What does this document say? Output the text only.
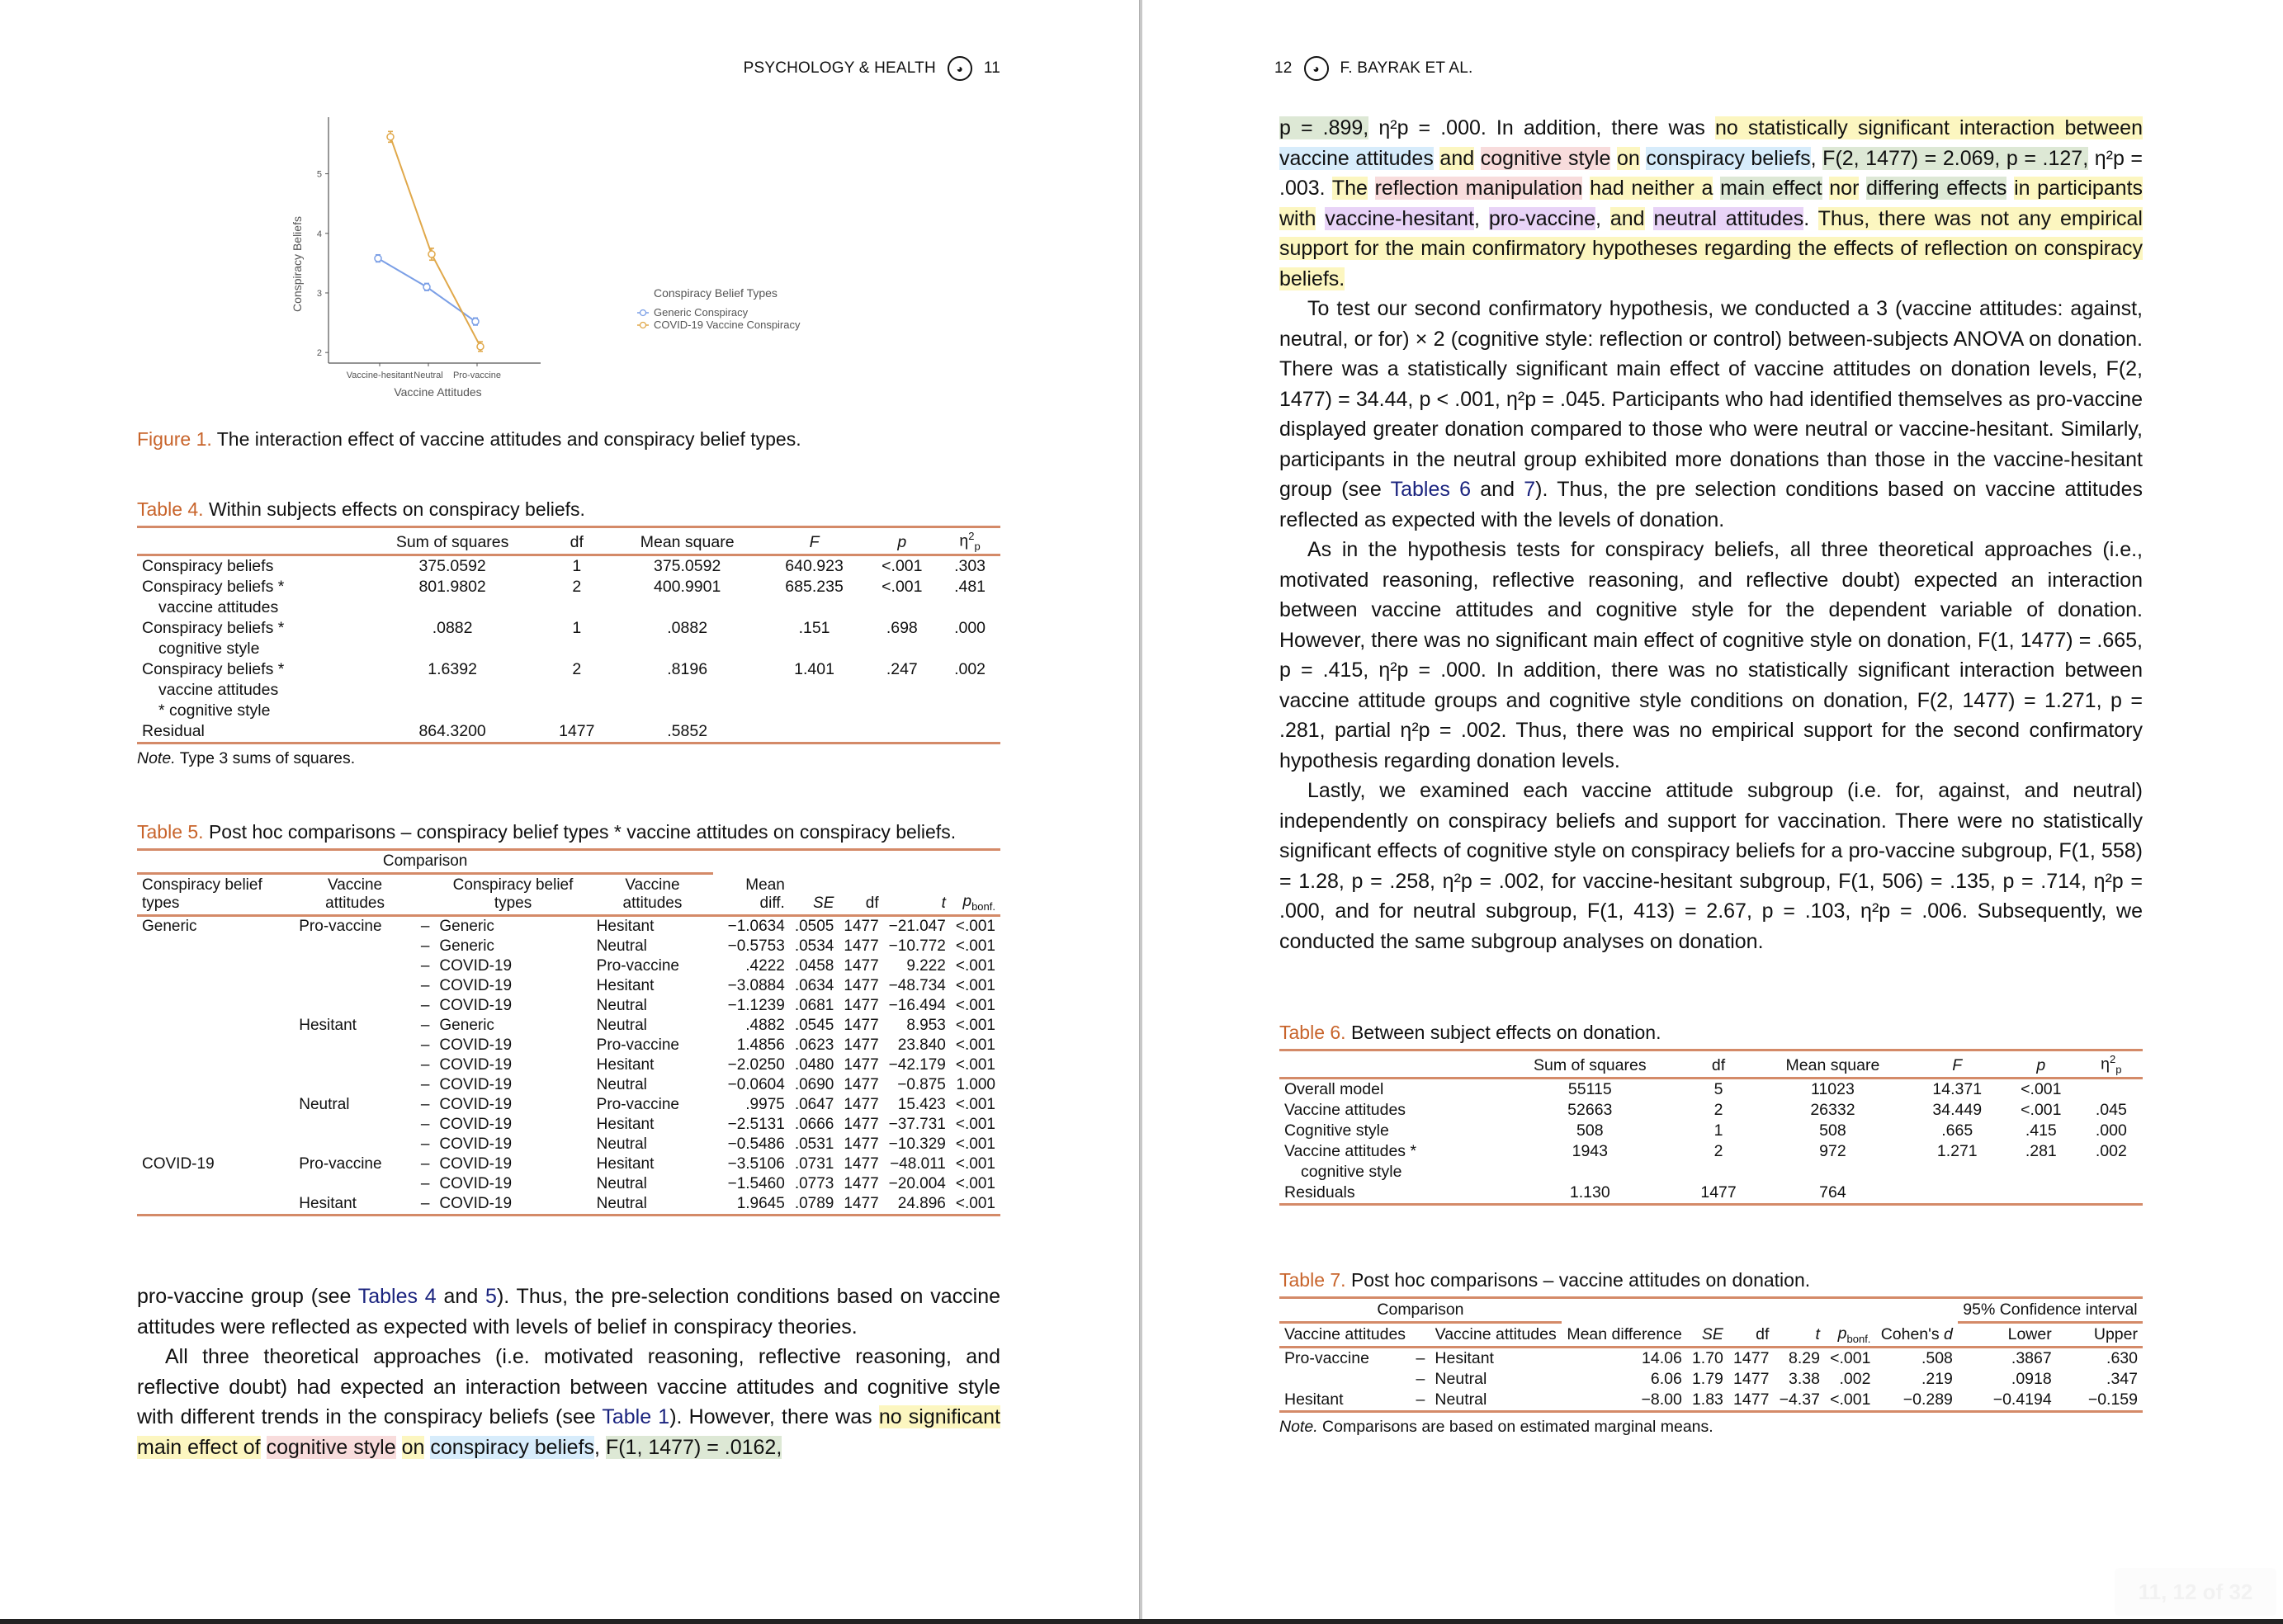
PSYCHOLOGY & HEALTH	◕	11
2
3
4
5
Vaccine-hesitant Neutral Pro-vaccine
Vaccine Attitudes
Conspiracy Beliefs	Conspiracy Belief Types
Generic Conspiracy
COVID-19 Vaccine Conspiracy
Figure 1. The interaction effect of vaccine attitudes and conspiracy belief types.
Table 4. Within subjects effects on conspiracy beliefs.
	Sum of squares	df	Mean square	F	p	$\eta^2_p$
Conspiracy beliefs	375.0592	1	375.0592	640.923	<.001	.303
Conspiracy beliefs *	801.9802	2	400.9901	685.235	<.001	.481
vaccine attitudes						
Conspiracy beliefs *	.0882	1	.0882	.151	.698	.000
cognitive style						
Conspiracy beliefs *	1.6392	2	.8196	1.401	.247	.002
vaccine attitudes						
* cognitive style						
Residual	864.3200	1477	.5852			
Note. Type 3 sums of squares.
Table 5. Post hoc comparisons – conspiracy belief types * vaccine attitudes on conspiracy beliefs.
Comparison									
Conspiracy belief types	Vaccine attitudes		Conspiracy belief types	Vaccine attitudes	Mean diff.	SE	df	t	$p_{bonf.}$
Generic	Pro-vaccine	–	Generic	Hesitant	−1.0634	.0505	1477	−21.047	<.001
		–	Generic	Neutral	−0.5753	.0534	1477	−10.772	<.001
		–	COVID-19	Pro-vaccine	.4222	.0458	1477	9.222	<.001
		–	COVID-19	Hesitant	−3.0884	.0634	1477	−48.734	<.001
		–	COVID-19	Neutral	−1.1239	.0681	1477	−16.494	<.001
	Hesitant	–	Generic	Neutral	.4882	.0545	1477	8.953	<.001
		–	COVID-19	Pro-vaccine	1.4856	.0623	1477	23.840	<.001
		–	COVID-19	Hesitant	−2.0250	.0480	1477	−42.179	<.001
		–	COVID-19	Neutral	−0.0604	.0690	1477	−0.875	1.000
	Neutral	–	COVID-19	Pro-vaccine	.9975	.0647	1477	15.423	<.001
		–	COVID-19	Hesitant	−2.5131	.0666	1477	−37.731	<.001
		–	COVID-19	Neutral	−0.5486	.0531	1477	−10.329	<.001
COVID-19	Pro-vaccine	–	COVID-19	Hesitant	−3.5106	.0731	1477	−48.011	<.001
		–	COVID-19	Neutral	−1.5460	.0773	1477	−20.004	<.001
	Hesitant	–	COVID-19	Neutral	1.9645	.0789	1477	24.896	<.001

pro-vaccine group (see Tables 4 and 5). Thus, the pre-selection conditions based on vaccine attitudes were reflected as expected with levels of belief in conspiracy theories.

All three theoretical approaches (i.e. motivated reasoning, reflective reasoning, and reflective doubt) had expected an interaction between vaccine attitudes and cognitive style with different trends in the conspiracy beliefs (see Table 1). However, there was no significant main effect of cognitive style on conspiracy beliefs, F(1, 1477) = .0162,

12	◕	F. BAYRAK ET AL.

p = .899, η²p = .000. In addition, there was no statistically significant interaction between vaccine attitudes and cognitive style on conspiracy beliefs, F(2, 1477) = 2.069, p = .127, η²p = .003. The reflection manipulation had neither a main effect nor differing effects in participants with vaccine-hesitant, pro-vaccine, and neutral attitudes. Thus, there was not any empirical support for the main confirmatory hypotheses regarding the effects of reflection on conspiracy beliefs.

To test our second confirmatory hypothesis, we conducted a 3 (vaccine attitudes: against, neutral, or for) × 2 (cognitive style: reflection or control) between-subjects ANOVA on donation. There was a statistically significant main effect of vaccine attitudes on donation levels, F(2, 1477) = 34.44, p < .001, η²p = .045. Participants who had identified themselves as pro-vaccine displayed greater donation compared to those who were neutral or vaccine-hesitant. Similarly, participants in the neutral group exhibited more donations than those in the vaccine-hesitant group (see Tables 6 and 7). Thus, the pre selection conditions based on vaccine attitudes reflected as expected with the levels of donation.

As in the hypothesis tests for conspiracy beliefs, all three theoretical approaches (i.e., motivated reasoning, reflective reasoning, and reflective doubt) expected an interaction between vaccine attitudes and cognitive style for the dependent variable of donation. However, there was no significant main effect of cognitive style on donation, F(1, 1477) = .665, p = .415, η²p = .000. In addition, there was no statistically significant interaction between vaccine attitude groups and cognitive style conditions on donation, F(2, 1477) = 1.271, p = .281, partial η²p = .002. Thus, there was no empirical support for the second confirmatory hypothesis regarding donation levels.

Lastly, we examined each vaccine attitude subgroup (i.e. for, against, and neutral) independently on conspiracy beliefs and support for vaccination. There were no statistically significant effects of cognitive style on conspiracy beliefs for a pro-vaccine subgroup, F(1, 558) = 1.28, p = .258, η²p = .002, for vaccine-hesitant subgroup, F(1, 506) = .135, p = .714, η²p = .000, and for neutral subgroup, F(1, 413) = 2.67, p = .103, η²p = .006. Subsequently, we conducted the same subgroup analyses on donation.

Table 6. Between subject effects on donation.
	Sum of squares	df	Mean square	F	p	$\eta^2_p$
Overall model	55115	5	11023	14.371	<.001	
Vaccine attitudes	52663	2	26332	34.449	<.001	.045
Cognitive style	508	1	508	.665	.415	.000
Vaccine attitudes *	1943	2	972	1.271	.281	.002
cognitive style						
Residuals	1.130	1477	764			
Table 7. Post hoc comparisons – vaccine attitudes on donation.
Comparison									95% Confidence interval	
Vaccine attitudes		Vaccine attitudes	Mean difference	SE	df	t	$p_{bonf.}$	Cohen's d	Lower	Upper
Pro-vaccine	–	Hesitant	14.06	1.70	1477	8.29	<.001	.508	.3867	.630
	–	Neutral	6.06	1.79	1477	3.38	.002	.219	.0918	.347
Hesitant	–	Neutral	−8.00	1.83	1477	−4.37	<.001	−0.289	−0.4194	−0.159
Note. Comparisons are based on estimated marginal means.
11, 12 of 32
